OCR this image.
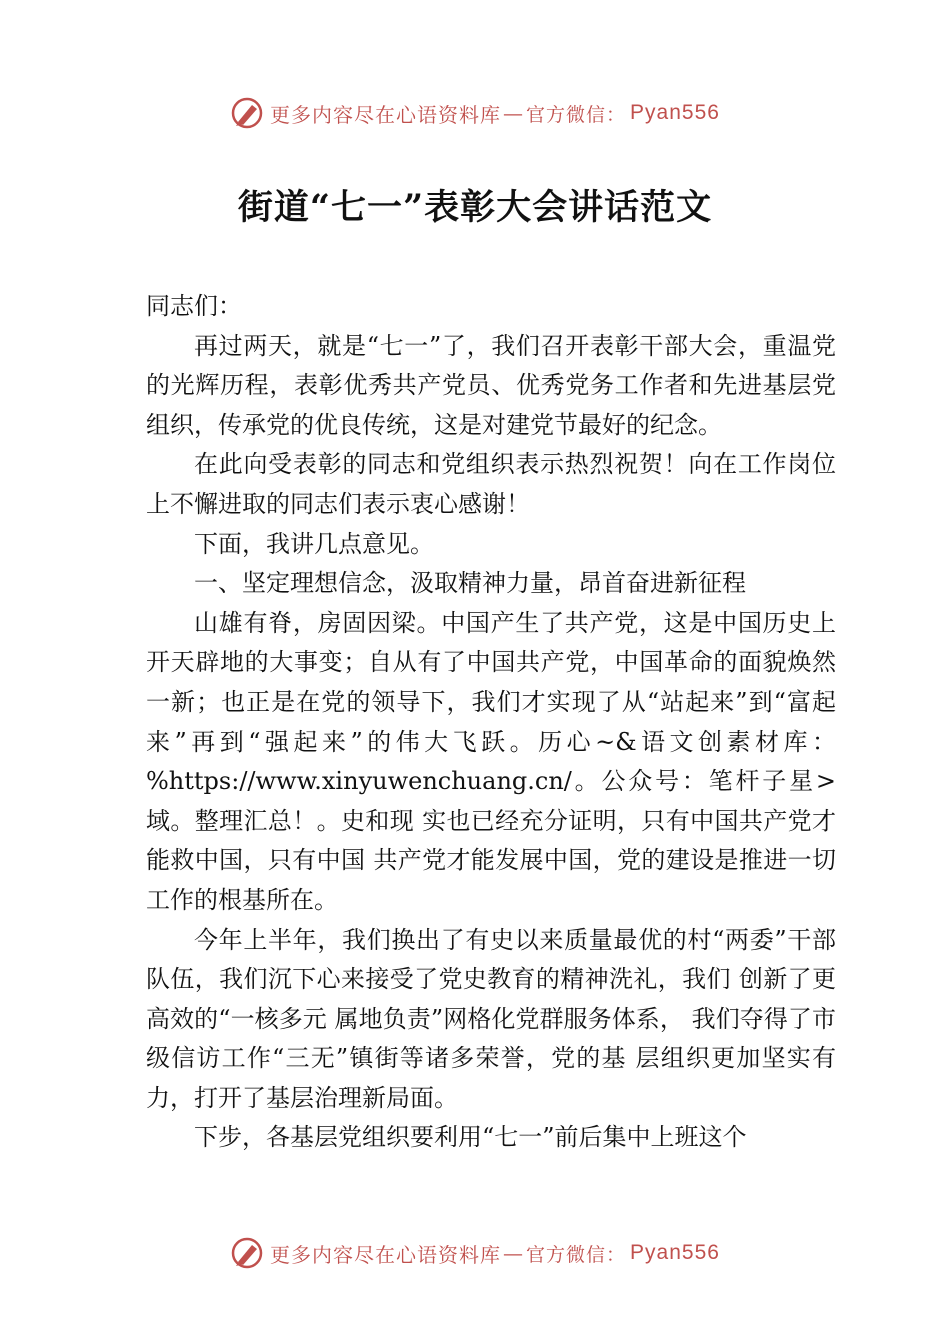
更多内容尽在心语资料库 — 官方微信： Pyan556
街道“七一”表彰大会讲话范文

同志们：

再过两天，就是“七一”了，我们召开表彰干部大会，重温党的光辉历程，表彰优秀共产党员、优秀党务工作者和先进基层党组织，传承党的优良传统，这是对建党节最好的纪念。

在此向受表彰的同志和党组织表示热烈祝贺！向在工作岗位上不懈进取的同志们表示衷心感谢！

下面，我讲几点意见。

一、坚定理想信念，汲取精神力量，昂首奋进新征程

山雄有脊，房固因梁。中国产生了共产党，这是中国历史上开天辟地的大事变；自从有了中国共产党，中国革命的面貌焕然一新；也正是在党的领导下，我们才实现了从“站起来”到“富起来”再到“强起来”的伟大飞跃。历心~&语文创素材库：%https://www.xinyuwenchuang.cn/。公众号：笔杆子星>域。整理汇总！。史和现 实也已经充分证明，只有中国共产党才能救中国，只有中国 共产党才能发展中国，党的建设是推进一切工作的根基所在。

今年上半年，我们换出了有史以来质量最优的村“两委”干部队伍，我们沉下心来接受了党史教育的精神洗礼，我们 创新了更高效的“一核多元 属地负责”网格化党群服务体系， 我们夺得了市级信访工作“三无”镇街等诸多荣誉，党的基 层组织更加坚实有力，打开了基层治理新局面。

下步，各基层党组织要利用“七一”前后集中上班这个

更多内容尽在心语资料库 — 官方微信： Pyan556
